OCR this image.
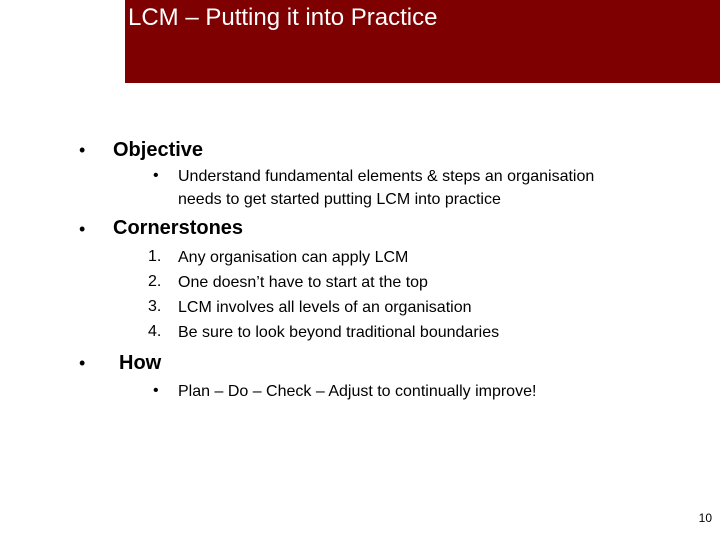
LCM – Putting it into Practice
• Objective
• Understand fundamental elements & steps an organisation
needs to get started putting LCM into practice
• Cornerstones
1. Any organisation can apply LCM
2. One doesn’t have to start at the top
3. LCM involves all levels of an organisation
4. Be sure to look beyond traditional boundaries
• How
• Plan – Do – Check – Adjust to continually improve!
10
